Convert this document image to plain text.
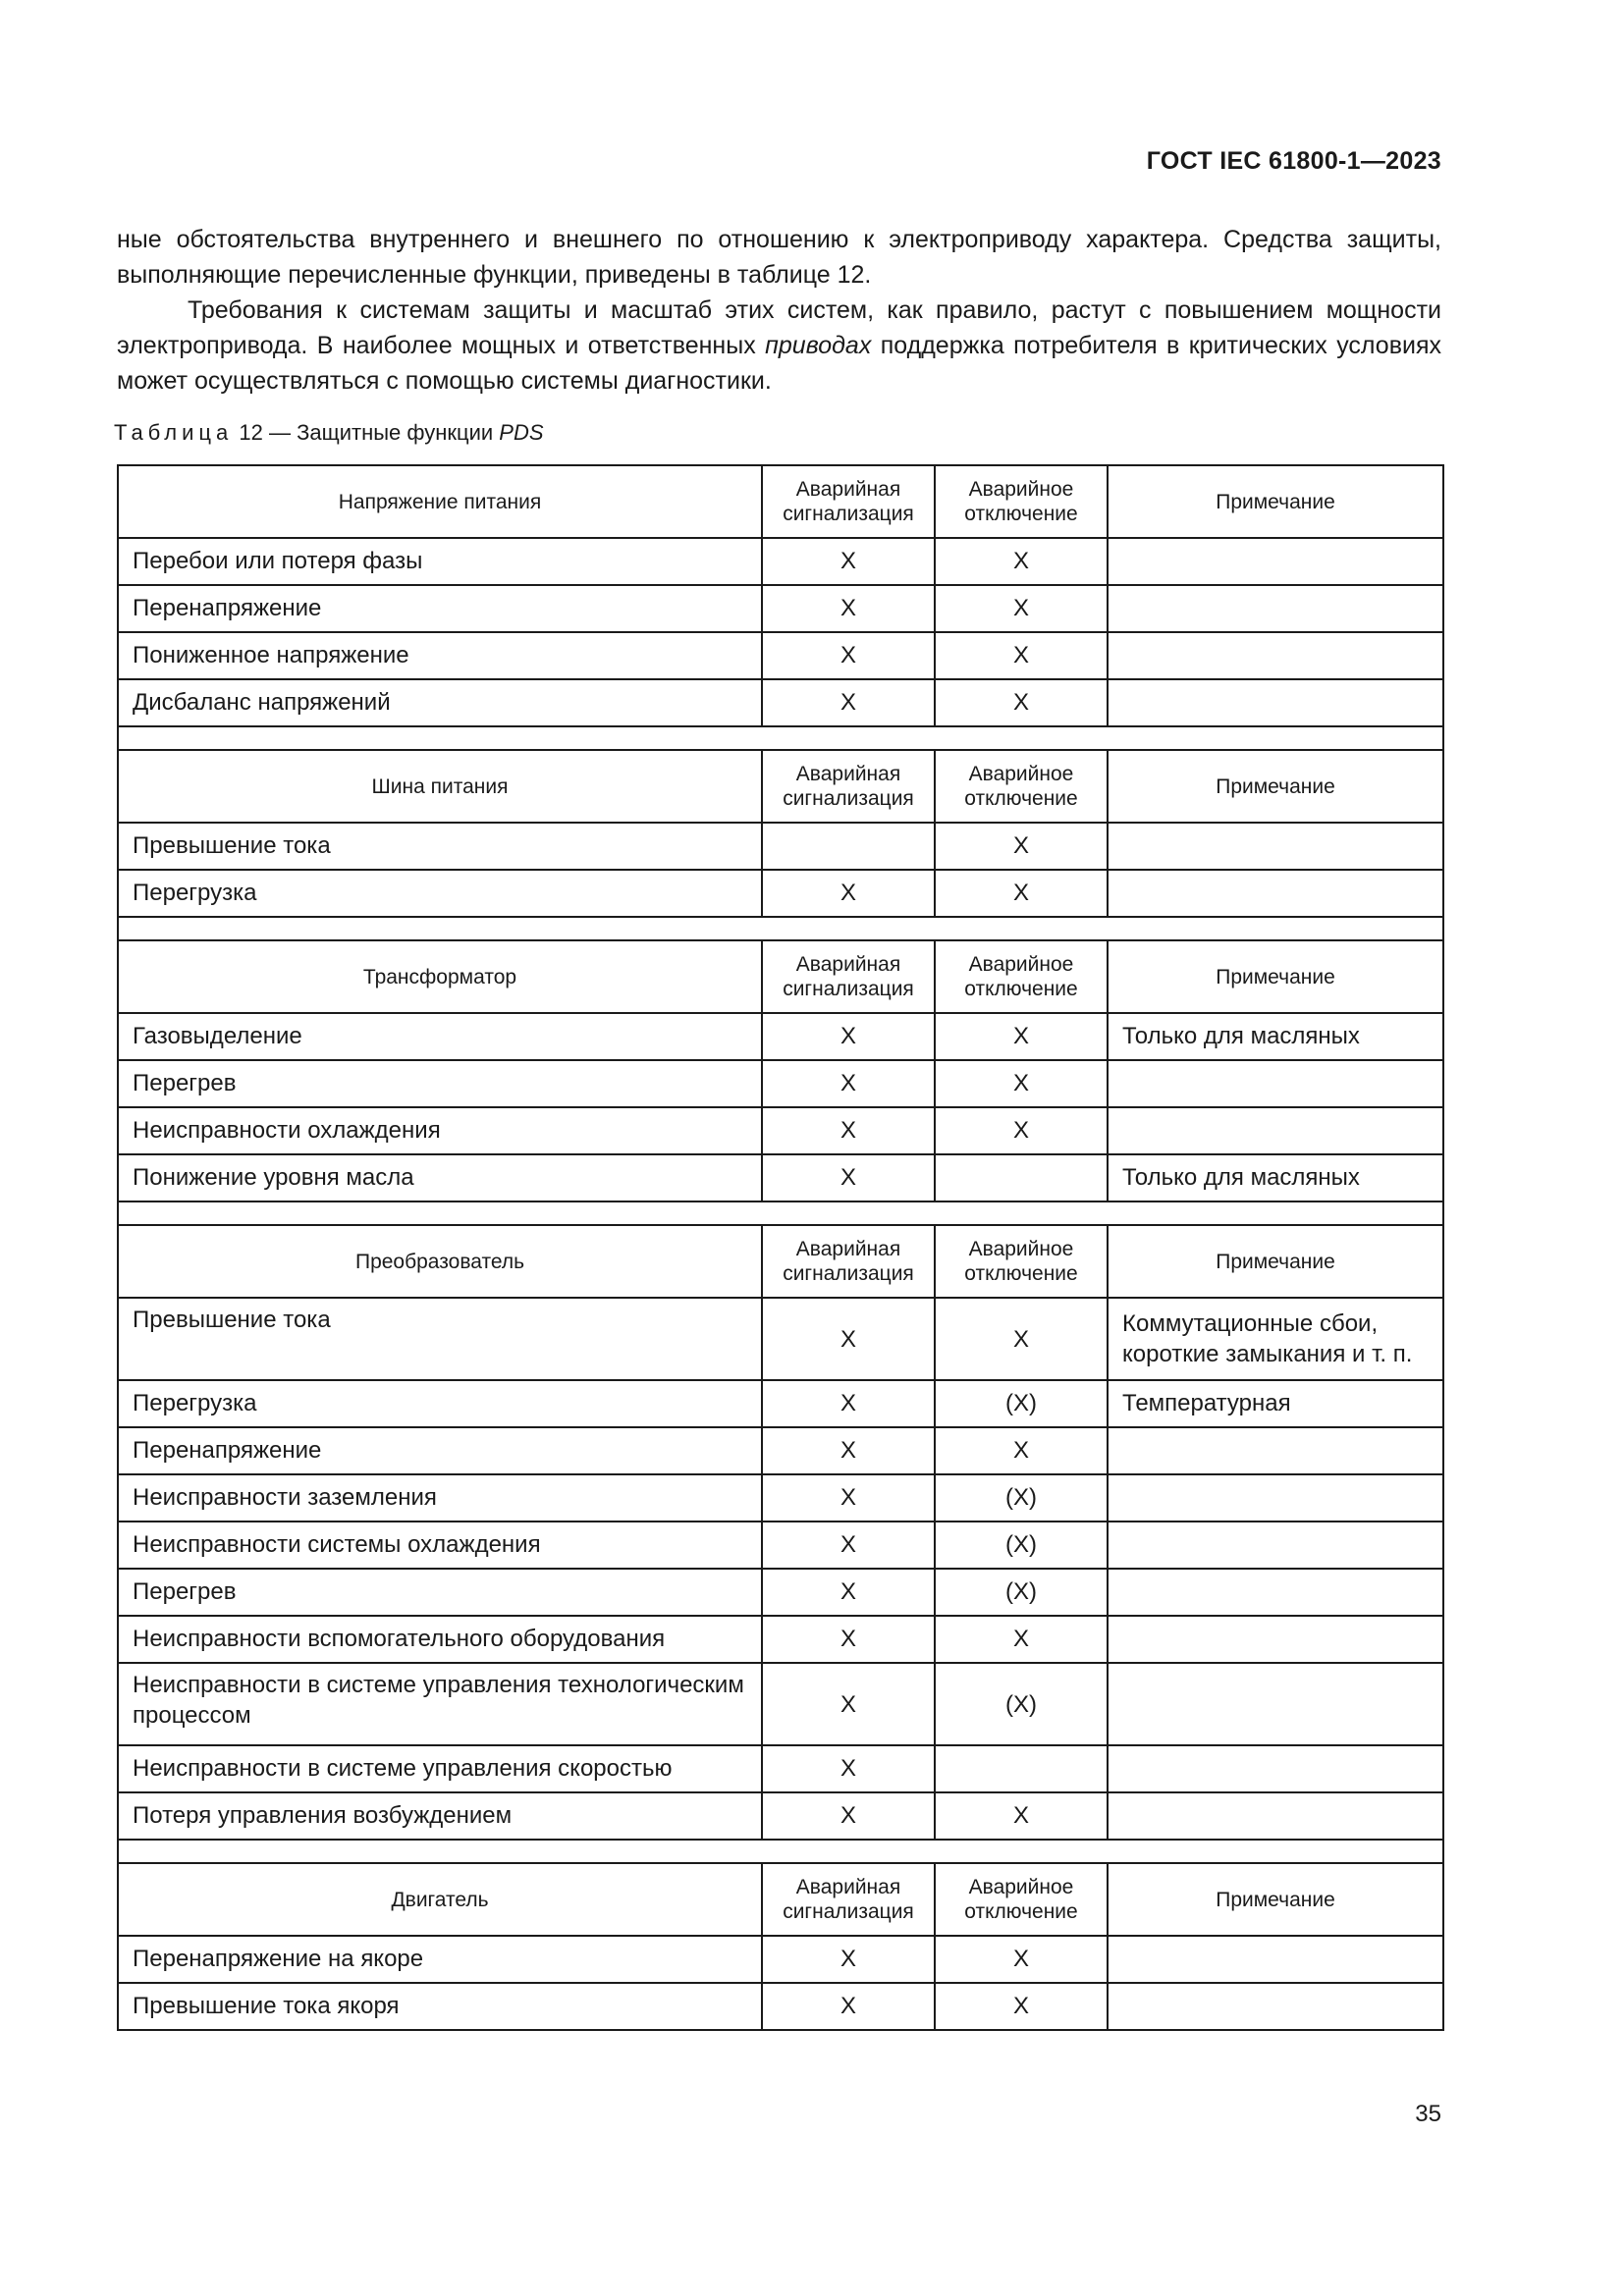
ГОСТ IEC 61800-1—2023

ные обстоятельства внутреннего и внешнего по отношению к электроприводу характера. Средства защиты, выполняющие перечисленные функции, приведены в таблице 12.

Требования к системам защиты и масштаб этих систем, как правило, растут с повышением мощности электропривода. В наиболее мощных и ответственных приводах поддержка потребителя в критических условиях может осуществляться с помощью системы диагностики.

Таблица 12 — Защитные функции PDS
Напряжение питания	Аварийная сигнализация	Аварийное отключение	Примечание
Перебои или потеря фазы	X	X	
Перенапряжение	X	X	
Пониженное напряжение	X	X	
Дисбаланс напряжений	X	X	

Шина питания	Аварийная сигнализация	Аварийное отключение	Примечание
Превышение тока		X	
Перегрузка	X	X	

Трансформатор	Аварийная сигнализация	Аварийное отключение	Примечание
Газовыделение	X	X	Только для масляных
Перегрев	X	X	
Неисправности охлаждения	X	X	
Понижение уровня масла	X		Только для масляных

Преобразователь	Аварийная сигнализация	Аварийное отключение	Примечание
Превышение тока	X	X	Коммутационные сбои, короткие замыкания и т. п.
Перегрузка	X	(X)	Температурная
Перенапряжение	X	X	
Неисправности заземления	X	(X)	
Неисправности системы охлаждения	X	(X)	
Перегрев	X	(X)	
Неисправности вспомогательного оборудования	X	X	
Неисправности в системе управления технологическим процессом	X	(X)	
Неисправности в системе управления скоростью	X		
Потеря управления возбуждением	X	X	

Двигатель	Аварийная сигнализация	Аварийное отключение	Примечание
Перенапряжение на якоре	X	X	
Превышение тока якоря	X	X	
35
